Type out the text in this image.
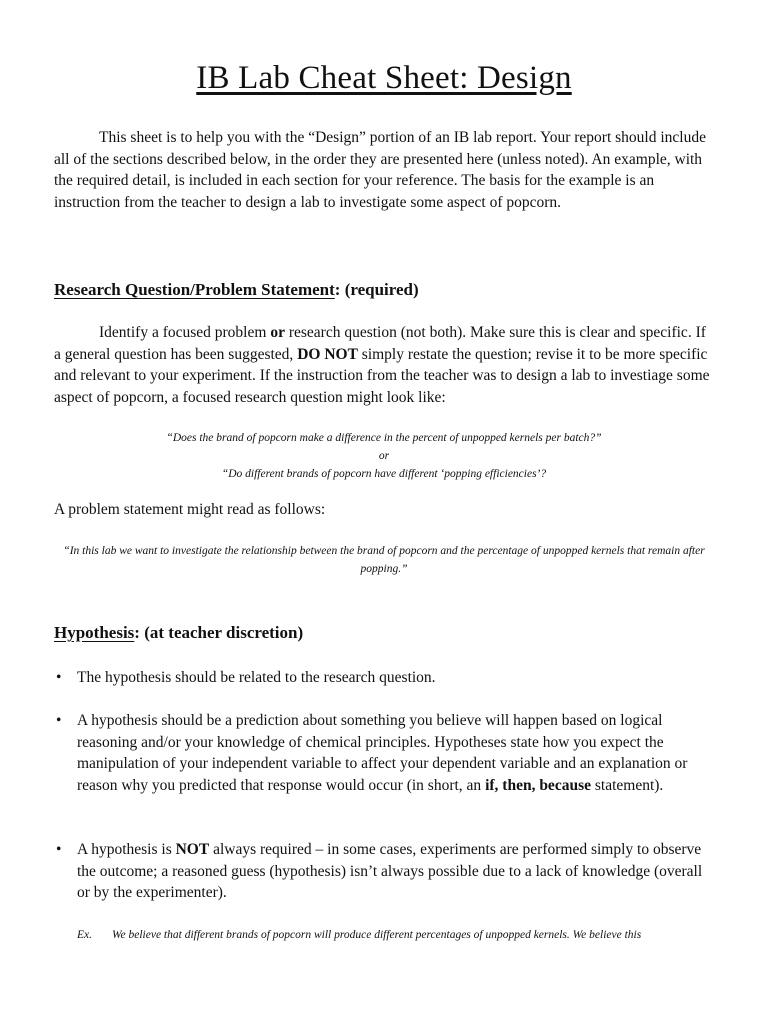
IB Lab Cheat Sheet: Design

This sheet is to help you with the “Design” portion of an IB lab report. Your report should include all of the sections described below, in the order they are presented here (unless noted). An example, with the required detail, is included in each section for your reference. The basis for the example is an instruction from the teacher to design a lab to investigate some aspect of popcorn.

Research Question/Problem Statement: (required)

Identify a focused problem or research question (not both). Make sure this is clear and specific. If a general question has been suggested, DO NOT simply restate the question; revise it to be more specific and relevant to your experiment. If the instruction from the teacher was to design a lab to investiage some aspect of popcorn, a focused research question might look like:

“Does the brand of popcorn make a difference in the percent of unpopped kernels per batch?”
or
“Do different brands of popcorn have different ‘popping efficiencies’?

A problem statement might read as follows:

“In this lab we want to investigate the relationship between the brand of popcorn and the percentage of unpopped kernels that remain after popping.”

Hypothesis: (at teacher discretion)
• The hypothesis should be related to the research question.
• A hypothesis should be a prediction about something you believe will happen based on logical reasoning and/or your knowledge of chemical principles. Hypotheses state how you expect the manipulation of your independent variable to affect your dependent variable and an explanation or reason why you predicted that response would occur (in short, an if, then, because statement).
• A hypothesis is NOT always required – in some cases, experiments are performed simply to observe the outcome; a reasoned guess (hypothesis) isn’t always possible due to a lack of knowledge (overall or by the experimenter).

Ex. We believe that different brands of popcorn will produce different percentages of unpopped kernels. We believe this
